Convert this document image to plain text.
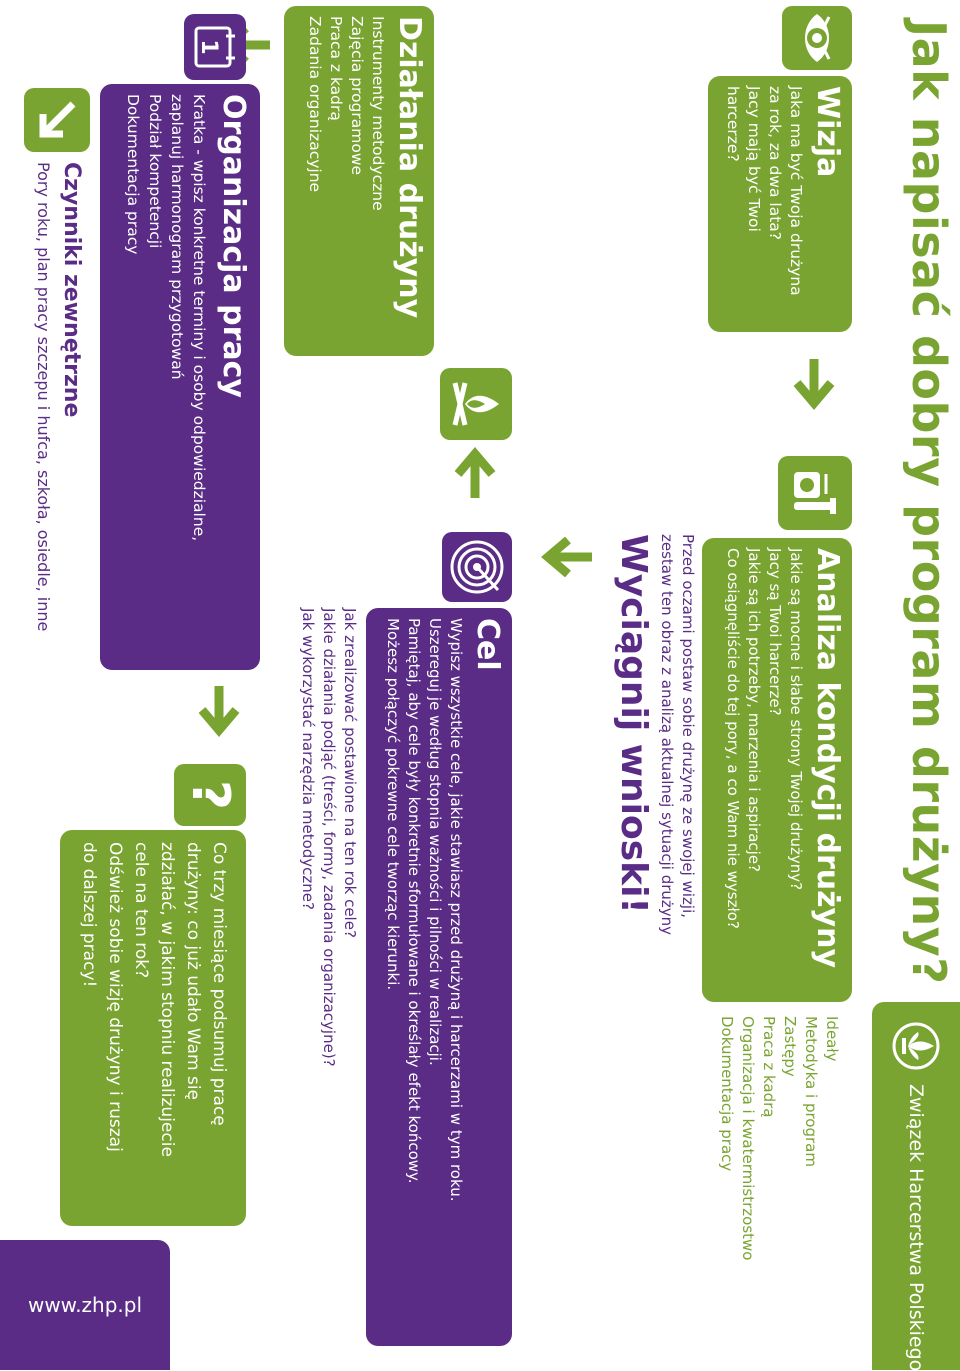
Jak napisać dobry program drużyny?
Związek Harcerstwa Polskiego
Wizja
Jaka ma być Twoja drużyna
za rok, za dwa lata?
Jacy mają być Twoi
harcerze?
Analiza kondycji drużyny
Jakie są mocne i słabe strony Twojej drużyny?
Jacy są Twoi harcerze?
Jakie są ich potrzeby, marzenia i aspiracje?
Co osiągnęliście do tej pory, a co Wam nie wyszło?
Ideały
Metodyka i program
Zastępy
Praca z kadrą
Organizacja i kwatermistrzostwo
Dokumentacja pracy
Przed oczami postaw sobie drużynę ze swojej wizji,
zestaw ten obraz z analizą aktualnej sytuacji drużyny
Wyciągnij wnioski!
Cel
Wypisz wszystkie cele, jakie stawiasz przed drużyną i harcerzami w tym roku.
Uszereguj je według stopnia ważności i pilności w realizacji.
Pamiętaj, aby cele były konkretnie sformułowane i określały efekt końcowy.
Możesz połączyć pokrewne cele tworząc kierunki.
Jak zrealizować postawione na ten rok cele?
Jakie działania podjąć (treści, formy, zadania organizacyjne)?
Jak wykorzystać narzędzia metodyczne?
Działania drużyny
Instrumenty metodyczne
Zajęcia programowe
Praca z kadrą
Zadania organizacyjne
1
Organizacja pracy
Kratka - wpisz konkretne terminy i osoby odpowiedzialne,
zaplanuj harmonogram przygotowań
Podział kompetencji
Dokumentacja pracy
?
Co trzy miesiące podsumuj pracę
drużyny: co już udało Wam się
zdziałać, w jakim stopniu realizujecie
cele na ten rok?
Odśwież sobie wizję drużyny i ruszaj
do dalszej pracy!
Czynniki zewnętrzne
Pory roku, plan pracy szczepu i hufca, szkoła, osiedle, inne
www.zhp.pl
